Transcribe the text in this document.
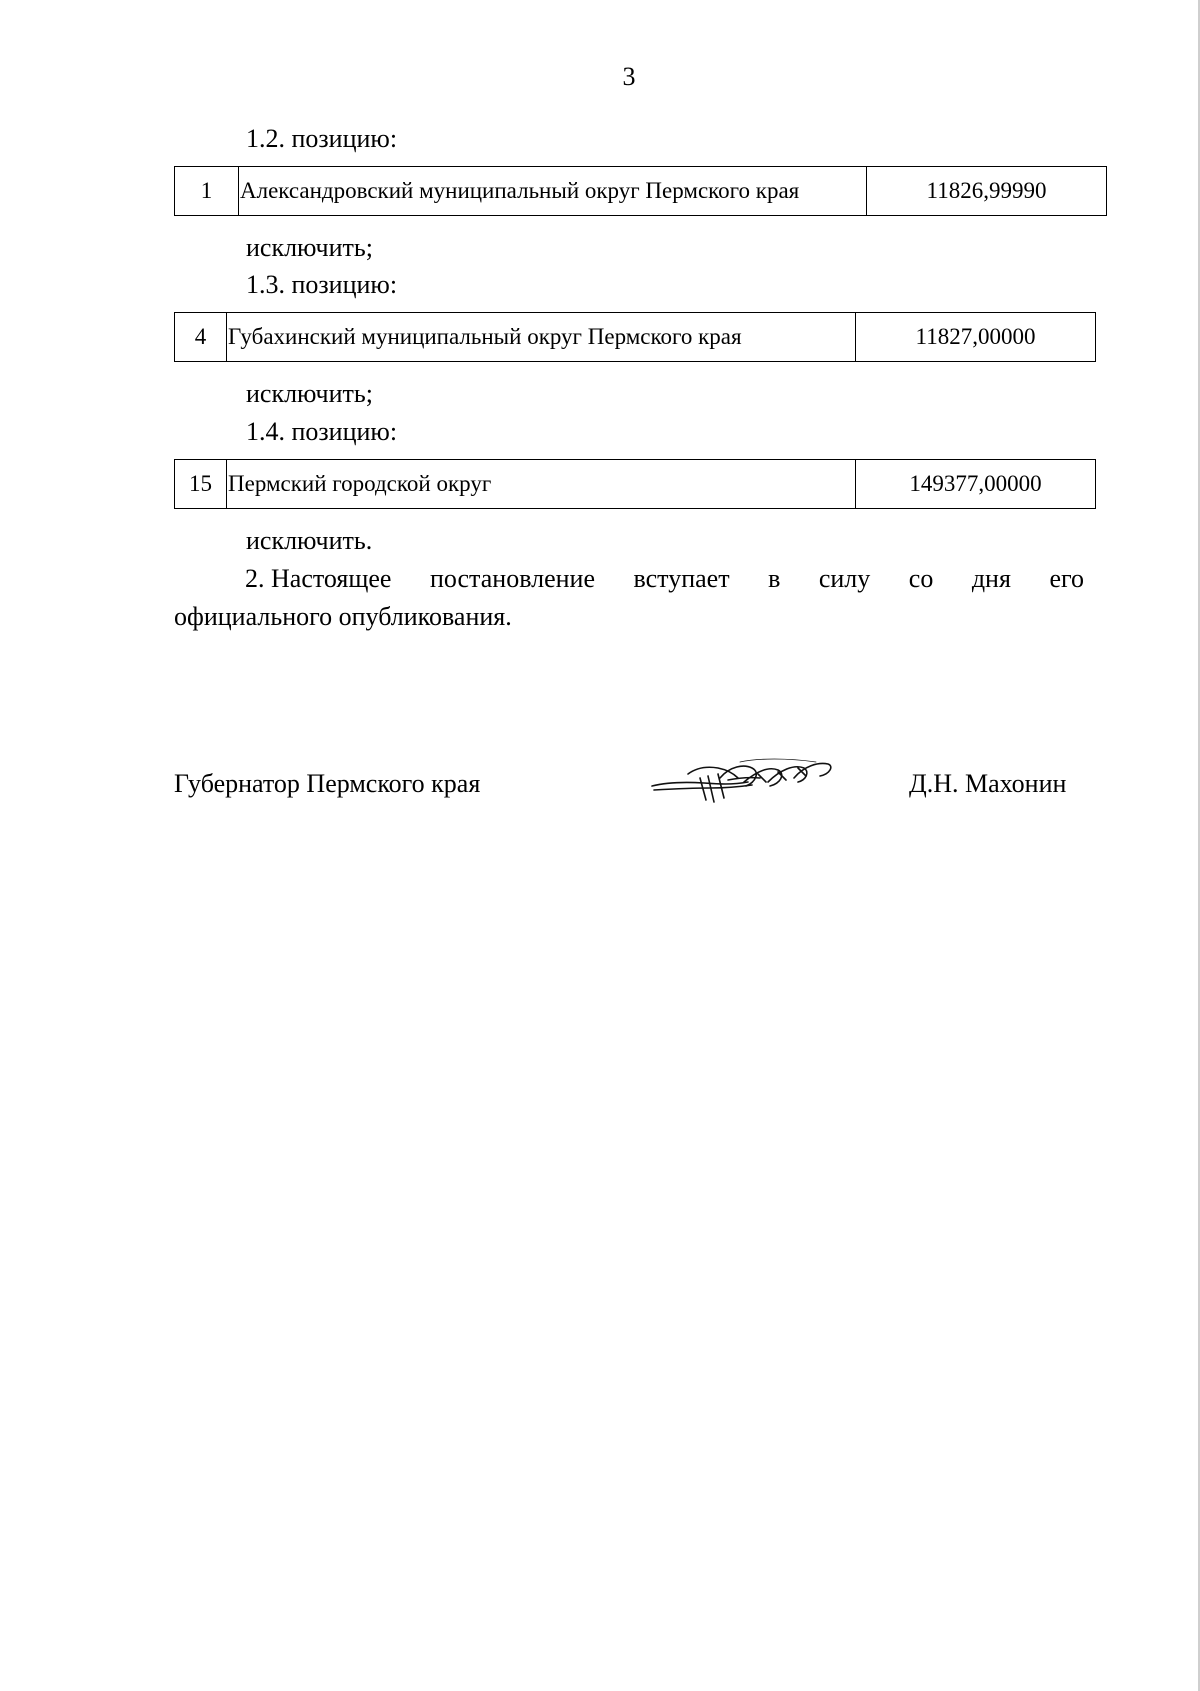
3
1.2. позицию:
1	Александровский муниципальный округ Пермского края	11826,99990
исключить;
1.3. позицию:
4	Губахинский муниципальный округ Пермского края	11827,00000
исключить;
1.4. позицию:
15	Пермский городской округ	149377,00000
исключить.
2. Настоящее постановление вступает в силу со дня его
официального опубликования.
Губернатор Пермского края	Д.Н. Махонин
